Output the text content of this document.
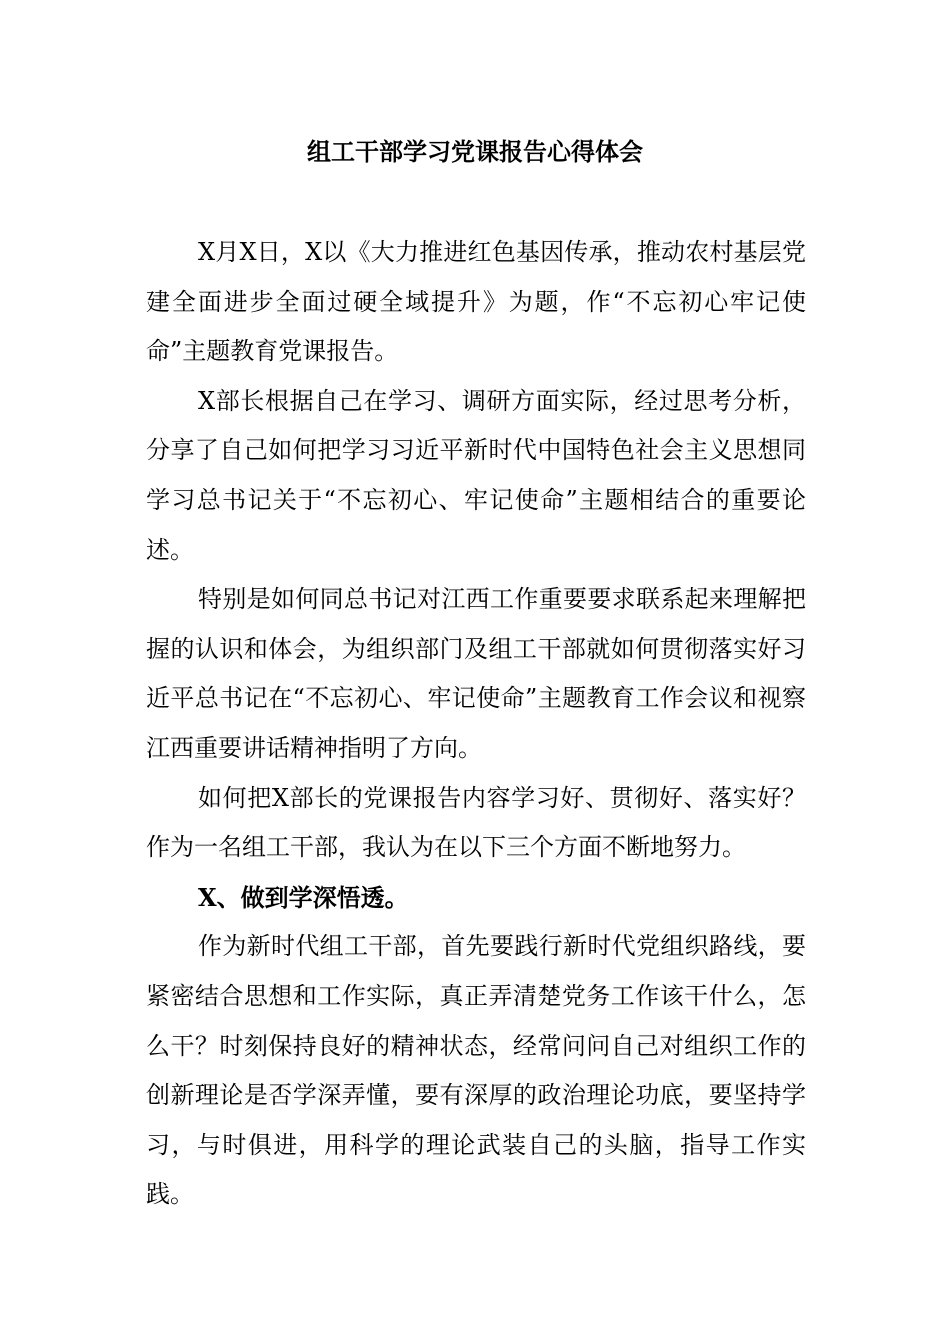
组工干部学习党课报告心得体会

X月X日，X以《大力推进红色基因传承，推动农村基层党建全面进步全面过硬全域提升》为题，作“不忘初心牢记使命”主题教育党课报告。

X部长根据自己在学习、调研方面实际，经过思考分析，分享了自己如何把学习习近平新时代中国特色社会主义思想同学习总书记关于“不忘初心、牢记使命”主题相结合的重要论述。

特别是如何同总书记对江西工作重要要求联系起来理解把握的认识和体会，为组织部门及组工干部就如何贯彻落实好习近平总书记在“不忘初心、牢记使命”主题教育工作会议和视察江西重要讲话精神指明了方向。

如何把X部长的党课报告内容学习好、贯彻好、落实好？作为一名组工干部，我认为在以下三个方面不断地努力。

X、做到学深悟透。

作为新时代组工干部，首先要践行新时代党组织路线，要紧密结合思想和工作实际，真正弄清楚党务工作该干什么，怎么干？时刻保持良好的精神状态，经常问问自己对组织工作的创新理论是否学深弄懂，要有深厚的政治理论功底，要坚持学习，与时俱进，用科学的理论武装自己的头脑，指导工作实践。
